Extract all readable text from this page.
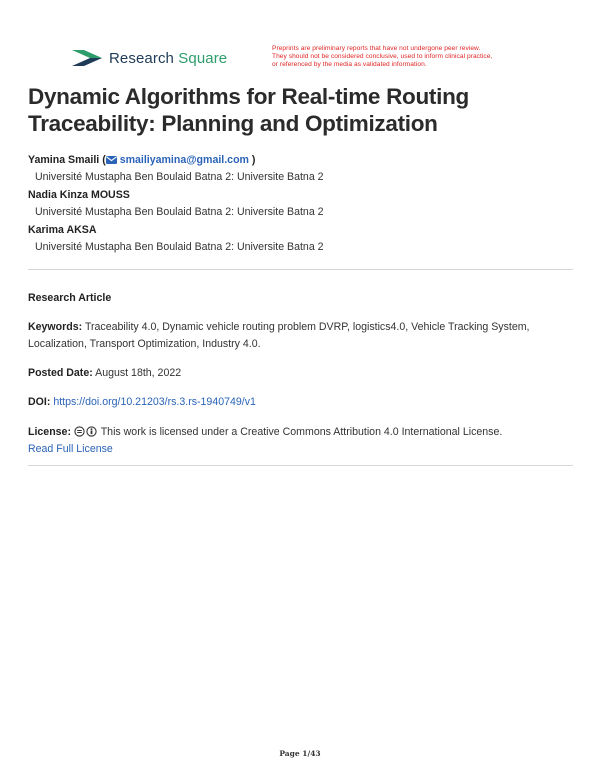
Research Square
Preprints are preliminary reports that have not undergone peer review.
They should not be considered conclusive, used to inform clinical practice,
or referenced by the media as validated information.
Dynamic Algorithms for Real-time Routing Traceability: Planning and Optimization
Yamina Smaili ( smailiyamina@gmail.com )
Université Mustapha Ben Boulaid Batna 2: Universite Batna 2
Nadia Kinza MOUSS
Université Mustapha Ben Boulaid Batna 2: Universite Batna 2
Karima AKSA
Université Mustapha Ben Boulaid Batna 2: Universite Batna 2
Research Article
Keywords: Traceability 4.0, Dynamic vehicle routing problem DVRP, logistics4.0, Vehicle Tracking System, Localization, Transport Optimization, Industry 4.0.
Posted Date: August 18th, 2022
DOI: https://doi.org/10.21203/rs.3.rs-1940749/v1
License:	This work is licensed under a Creative Commons Attribution 4.0 International License.
Read Full License
Page 1/43
